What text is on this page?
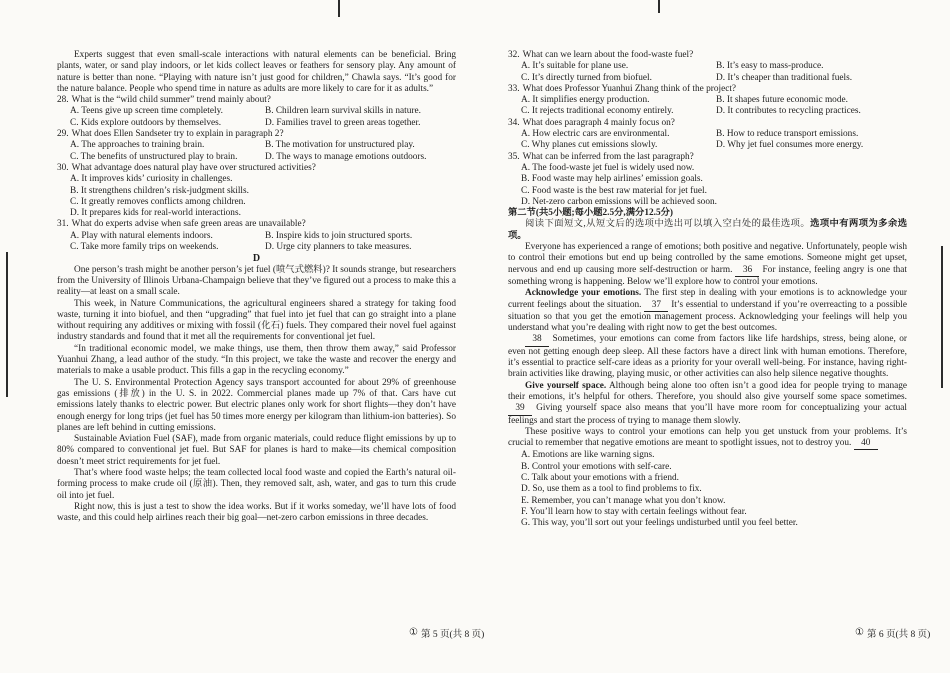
Experts suggest that even small-scale interactions with natural elements can be beneficial. Bring plants, water, or sand play indoors, or let kids collect leaves or feathers for sensory play. Any amount of nature is better than none. “Playing with nature isn’t just good for children,” Chawla says. “It’s good for the nature balance. People who spend time in nature as adults are more likely to care for it as adults.”

28. What is the “wild child summer” trend mainly about?
A. Teens give up screen time completely.	B. Children learn survival skills in nature.
C. Kids explore outdoors by themselves.	D. Families travel to green areas together.
29. What does Ellen Sandseter try to explain in paragraph 2?
A. The approaches to training brain.	B. The motivation for unstructured play.
C. The benefits of unstructured play to brain.	D. The ways to manage emotions outdoors.
30. What advantage does natural play have over structured activities?
A. It improves kids’ curiosity in challenges.
B. It strengthens children’s risk-judgment skills.
C. It greatly removes conflicts among children.
D. It prepares kids for real-world interactions.
31. What do experts advise when safe green areas are unavailable?
A. Play with natural elements indoors.	B. Inspire kids to join structured sports.
C. Take more family trips on weekends.	D. Urge city planners to take measures.
D

One person’s trash might be another person’s jet fuel (喷气式燃料)? It sounds strange, but researchers from the University of Illinois Urbana-Champaign believe that they’ve figured out a process to make this a reality—at least on a small scale.

This week, in Nature Communications, the agricultural engineers shared a strategy for taking food waste, turning it into biofuel, and then “upgrading” that fuel into jet fuel that can go straight into a plane without requiring any additives or mixing with fossil (化石) fuels. They compared their novel fuel against industry standards and found that it met all the requirements for conventional jet fuel.

“In traditional economic model, we make things, use them, then throw them away,” said Professor Yuanhui Zhang, a lead author of the study. “In this project, we take the waste and recover the energy and materials to make a usable product. This fills a gap in the recycling economy.”

The U. S. Environmental Protection Agency says transport accounted for about 29% of greenhouse gas emissions (排放) in the U. S. in 2022. Commercial planes made up 7% of that. Cars have cut emissions lately thanks to electric power. But electric planes only work for short flights—they don’t have enough energy for long trips (jet fuel has 50 times more energy per kilogram than lithium-ion batteries). So planes are left behind in cutting emissions.

Sustainable Aviation Fuel (SAF), made from organic materials, could reduce flight emissions by up to 80% compared to conventional jet fuel. But SAF for planes is hard to make—its chemical composition doesn’t meet strict requirements for jet fuel.

That’s where food waste helps; the team collected local food waste and copied the Earth’s natural oil-forming process to make crude oil (原油). Then, they removed salt, ash, water, and gas to turn this crude oil into jet fuel.

Right now, this is just a test to show the idea works. But if it works someday, we’ll have lots of food waste, and this could help airlines reach their big goal—net-zero carbon emissions in three decades.

32. What can we learn about the food-waste fuel?
A. It’s suitable for plane use.	B. It’s easy to mass-produce.
C. It’s directly turned from biofuel.	D. It’s cheaper than traditional fuels.
33. What does Professor Yuanhui Zhang think of the project?
A. It simplifies energy production.	B. It shapes future economic mode.
C. It rejects traditional economy entirely.	D. It contributes to recycling practices.
34. What does paragraph 4 mainly focus on?
A. How electric cars are environmental.	B. How to reduce transport emissions.
C. Why planes cut emissions slowly.	D. Why jet fuel consumes more energy.
35. What can be inferred from the last paragraph?
A. The food-waste jet fuel is widely used now.
B. Food waste may help airlines’ emission goals.
C. Food waste is the best raw material for jet fuel.
D. Net-zero carbon emissions will be achieved soon.
第二节(共5小题;每小题2.5分,满分12.5分)

阅读下面短文,从短文后的选项中选出可以填入空白处的最佳选项。选项中有两项为多余选项。

Everyone has experienced a range of emotions; both positive and negative. Unfortunately, people wish to control their emotions but end up being controlled by the same emotions. Someone might get upset, nervous and end up causing more self-destruction or harm. 36 For instance, feeling angry is one that something wrong is happening. Below we’ll explore how to control your emotions.

Acknowledge your emotions. The first step in dealing with your emotions is to acknowledge your current feelings about the situation. 37 It’s essential to understand if you’re overreacting to a possible situation so that you get the emotion management process. Acknowledging your feelings will help you understand what you’re dealing with right now to get the best outcomes.

38 Sometimes, your emotions can come from factors like life hardships, stress, being alone, or even not getting enough deep sleep. All these factors have a direct link with human emotions. Therefore, it’s essential to practice self-care ideas as a priority for your overall well-being. For instance, having right-brain activities like drawing, playing music, or other activities can also help silence negative thoughts.

Give yourself space. Although being alone too often isn’t a good idea for people trying to manage their emotions, it’s helpful for others. Therefore, you should also give yourself some space sometimes. 39 Giving yourself space also means that you’ll have more room for conceptualizing your actual feelings and start the process of trying to manage them slowly.

These positive ways to control your emotions can help you get unstuck from your problems. It’s crucial to remember that negative emotions are meant to spotlight issues, not to destroy you. 40

A. Emotions are like warning signs.
B. Control your emotions with self-care.
C. Talk about your emotions with a friend.
D. So, use them as a tool to find problems to fix.
E. Remember, you can’t manage what you don’t know.
F. You’ll learn how to stay with certain feelings without fear.
G. This way, you’ll sort out your feelings undisturbed until you feel better.
① 第 5 页(共 8 页)	① 第 6 页(共 8 页)
